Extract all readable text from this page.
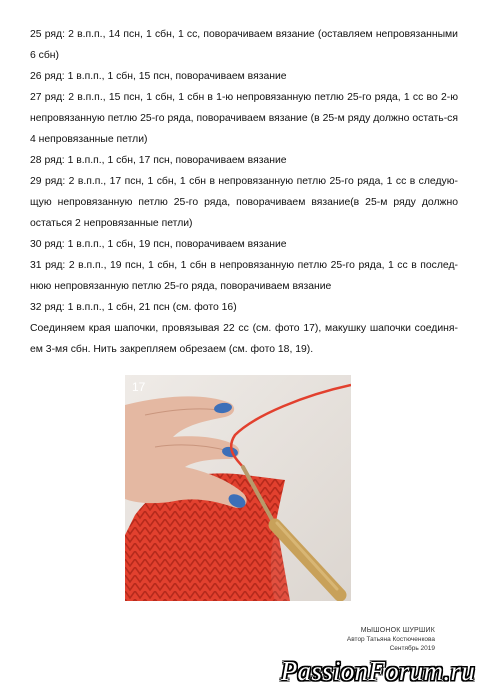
25 ряд: 2 в.п.п., 14 псн, 1 сбн, 1 сс, поворачиваем вязание (оставляем непровязанными 6 сбн)

26 ряд: 1 в.п.п., 1 сбн, 15 псн, поворачиваем вязание

27 ряд: 2 в.п.п., 15 псн, 1 сбн, 1 сбн в 1-ю непровязанную петлю 25-го ряда, 1 сс во 2-ю непровязанную петлю 25-го ряда, поворачиваем вязание (в 25-м ряду должно остать-ся 4 непровязанные петли)

28 ряд: 1 в.п.п., 1 сбн, 17 псн, поворачиваем вязание

29 ряд: 2 в.п.п., 17 псн, 1 сбн, 1 сбн в непровязанную петлю 25-го ряда, 1 сс в следую-щую непровязанную петлю 25-го ряда, поворачиваем вязание(в 25-м ряду должно остаться 2 непровязанные петли)

30 ряд: 1 в.п.п., 1 сбн, 19 псн, поворачиваем вязание

31 ряд: 2 в.п.п., 19 псн, 1 сбн, 1 сбн в непровязанную петлю 25-го ряда, 1 сс в послед-нюю непровязанную петлю 25-го ряда, поворачиваем вязание

32 ряд: 1 в.п.п., 1 сбн, 21 псн (см. фото 16)

Соединяем края шапочки, провязывая 22 сс (см. фото 17), макушку шапочки соединя-ем 3-мя сбн. Нить закрепляем обрезаем (см. фото 18, 19).

17
МЫШОНОК ШУРШИК
Автор Татьяна Костюченкова
Сентябрь 2019
PassionForum.ru
